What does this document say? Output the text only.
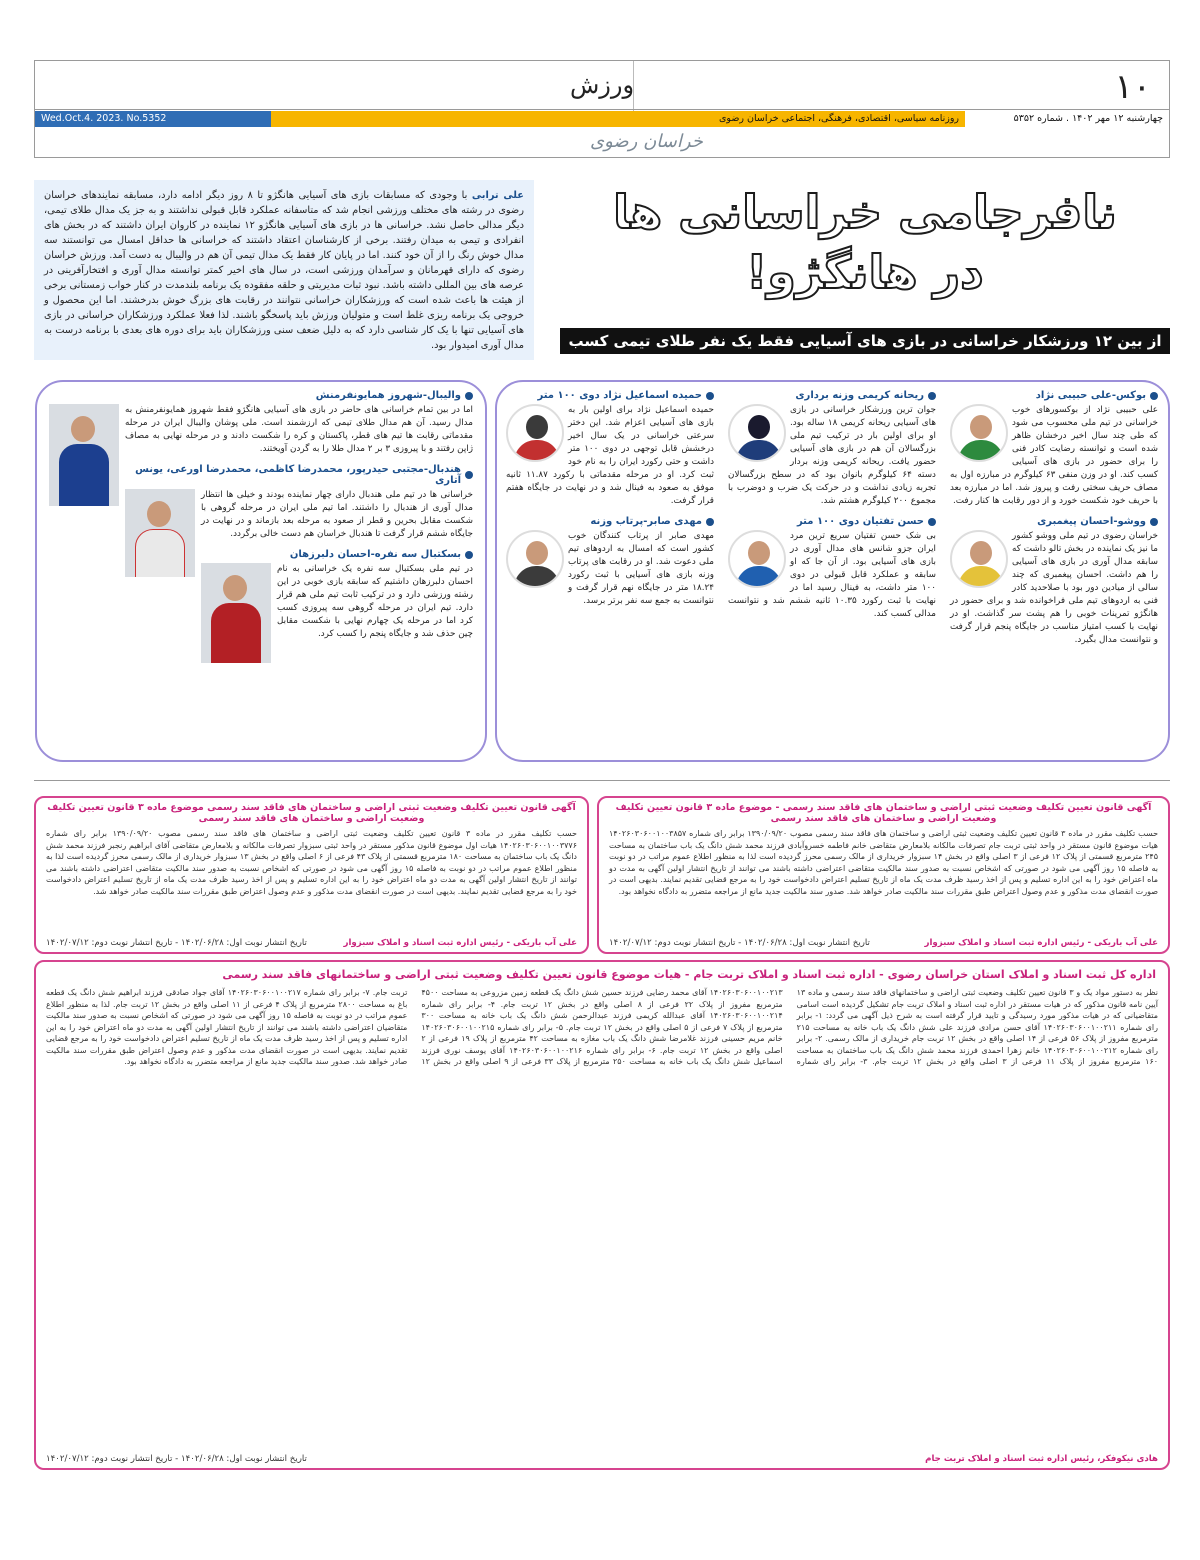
۱۰
ورزش
چهارشنبه ۱۲ مهر ۱۴۰۲ . شماره ۵۳۵۲
روزنامه سیاسی، اقتصادی، فرهنگی، اجتماعی خراسان رضوی
Wed.Oct.4. 2023. No.5352
خراسان رضوی
نافرجامی خراسانی ها
در هانگژو!
از بین ۱۲ ورزشکار خراسانی در بازی های آسیایی فقط یک نفر طلای تیمی کسب کرد
علی ترابی با وجودی که مسابقات بازی های آسیایی هانگژو تا ۸ روز دیگر ادامه دارد، مسابقه نمایندهای خراسان رضوی در رشته های مختلف ورزشی انجام شد که متاسفانه عملکرد قابل قبولی نداشتند و به جز یک مدال طلای تیمی، دیگر مدالی حاصل نشد. خراسانی ها در بازی های آسیایی هانگژو ۱۲ نماینده در کاروان ایران داشتند که در بخش های انفرادی و تیمی به میدان رفتند. برخی از کارشناسان اعتقاد داشتند که خراسانی ها حداقل امسال می توانستند سه مدال خوش رنگ را از آن خود کنند. اما در پایان کار فقط یک مدال تیمی آن هم در والیبال به دست آمد. ورزش خراسان رضوی که دارای قهرمانان و سرآمدان ورزشی است، در سال های اخیر کمتر توانسته مدال آوری و افتخارآفرینی در عرصه های بین المللی داشته باشد. نبود ثبات مدیریتی و حلقه مفقوده یک برنامه بلندمدت در کنار خواب زمستانی برخی از هیئت ها باعث شده است که ورزشکاران خراسانی نتوانند در رقابت های بزرگ خوش بدرخشند. اما این محصول و خروجی یک برنامه ریزی غلط است و متولیان ورزش باید پاسخگو باشند. لذا فعلا عملکرد ورزشکاران خراسانی در بازی های آسیایی تنها با یک کار شناسی دارد که به دلیل ضعف سنی ورزشکاران باید برای دوره های بعدی با برنامه درست به مدال آوری امیدوار بود.
بوکس-علی حبیبی نژاد
علی حبیبی نژاد از بوکسورهای خوب خراسانی در تیم ملی محسوب می شود که طی چند سال اخیر درخشان ظاهر شده است و توانسته رضایت کادر فنی را برای حضور در بازی های آسیایی کسب کند. او در وزن منفی ۶۳ کیلوگرم در مبارزه اول به مصاف حریف سختی رفت و پیروز شد. اما در مبارزه بعد با حریف خود شکست خورد و از دور رقابت ها کنار رفت.
ووشو-احسان پیغمبری
خراسان رضوی در تیم ملی ووشو کشور ما نیز یک نماینده در بخش تالو داشت که سابقه مدال آوری در بازی های آسیایی را هم داشت. احسان پیغمبری که چند سالی از میادین دور بود با صلاحدید کادر فنی به اردوهای تیم ملی فراخوانده شد و برای حضور در هانگژو تمرینات خوبی را هم پشت سر گذاشت. او در نهایت با کسب امتیاز مناسب در جایگاه پنجم قرار گرفت و نتوانست مدال بگیرد.
ریحانه کریمی وزنه برداری
جوان ترین ورزشکار خراسانی در بازی های آسیایی ریحانه کریمی ۱۸ ساله بود. او برای اولین بار در ترکیب تیم ملی بزرگسالان آن هم در بازی های آسیایی حضور یافت. ریحانه کریمی وزنه بردار دسته ۶۴ کیلوگرم بانوان بود که در سطح بزرگسالان تجربه زیادی نداشت و در حرکت یک ضرب و دوضرب با مجموع ۲۰۰ کیلوگرم هشتم شد.
حسن تفتیان دوی ۱۰۰ متر
بی شک حسن تفتیان سریع ترین مرد ایران جزو شانس های مدال آوری در بازی های آسیایی بود. از آن جا که او سابقه و عملکرد قابل قبولی در دوی ۱۰۰ متر داشت، به فینال رسید اما در نهایت با ثبت رکورد ۱۰.۳۵ ثانیه ششم شد و نتوانست مدالی کسب کند.
حمیده اسماعیل نژاد دوی ۱۰۰ متر
حمیده اسماعیل نژاد برای اولین بار به بازی های آسیایی اعزام شد. این دختر سرعتی خراسانی در یک سال اخیر درخشش قابل توجهی در دوی ۱۰۰ متر داشت و حتی رکورد ایران را به نام خود ثبت کرد. او در مرحله مقدماتی با رکورد ۱۱.۸۷ ثانیه موفق به صعود به فینال شد و در نهایت در جایگاه هفتم قرار گرفت.
مهدی صابر-پرتاب وزنه
مهدی صابر از پرتاب کنندگان خوب کشور است که امسال به اردوهای تیم ملی دعوت شد. او در رقابت های پرتاب وزنه بازی های آسیایی با ثبت رکورد ۱۸.۲۴ متر در جایگاه نهم قرار گرفت و نتوانست به جمع سه نفر برتر برسد.
والیبال-شهروز همایونفرمنش
اما در بین تمام خراسانی های حاضر در بازی های آسیایی هانگژو فقط شهروز همایونفرمنش به مدال رسید. آن هم مدال طلای تیمی که ارزشمند است. ملی پوشان والیبال ایران در مرحله مقدماتی رقابت ها تیم های قطر، پاکستان و کره را شکست دادند و در مرحله نهایی به مصاف ژاپن رفتند و با پیروزی ۳ بر ۲ مدال طلا را به گردن آویختند.
هندبال-مجتبی حیدرپور، محمدرضا کاظمی، محمدرضا اورعی، یونس آتاری
خراسانی ها در تیم ملی هندبال دارای چهار نماینده بودند و خیلی ها انتظار مدال آوری از هندبال را داشتند. اما تیم ملی ایران در مرحله گروهی با شکست مقابل بحرین و قطر از صعود به مرحله بعد بازماند و در نهایت در جایگاه ششم قرار گرفت تا هندبال خراسان هم دست خالی برگردد.
بسکتبال سه نفره-احسان دلبرزهان
در تیم ملی بسکتبال سه نفره یک خراسانی به نام احسان دلبرزهان داشتیم که سابقه بازی خوبی در این رشته ورزشی دارد و در ترکیب ثابت تیم ملی هم قرار دارد. تیم ایران در مرحله گروهی سه پیروزی کسب کرد اما در مرحله یک چهارم نهایی با شکست مقابل چین حذف شد و جایگاه پنجم را کسب کرد.
آگهی قانون تعیین تکلیف وضعیت ثبتی اراضی و ساختمان های فاقد سند رسمی - موضوع ماده ۳ قانون تعیین تکلیف وضعیت اراضی و ساختمان های فاقد سند رسمی
حسب تکلیف مقرر در ماده ۳ قانون تعیین تکلیف وضعیت ثبتی اراضی و ساختمان های فاقد سند رسمی مصوب ۱۳۹۰/۰۹/۲۰ برابر رای شماره ۱۴۰۲۶۰۳۰۶۰۰۱۰۰۳۸۵۷ هیات موضوع قانون مستقر در واحد ثبتی تربت جام تصرفات مالکانه بلامعارض متقاضی خانم فاطمه خسروآبادی فرزند محمد شش دانگ یک باب ساختمان به مساحت ۲۴۵ مترمربع قسمتی از پلاک ۱۲ فرعی از ۳ اصلی واقع در بخش ۱۴ سبزوار خریداری از مالک رسمی محرز گردیده است لذا به منظور اطلاع عموم مراتب در دو نوبت به فاصله ۱۵ روز آگهی می شود در صورتی که اشخاص نسبت به صدور سند مالکیت متقاضی اعتراضی داشته باشند می توانند از تاریخ انتشار اولین آگهی به مدت دو ماه اعتراض خود را به این اداره تسلیم و پس از اخذ رسید ظرف مدت یک ماه از تاریخ تسلیم اعتراض دادخواست خود را به مرجع قضایی تقدیم نمایند. بدیهی است در صورت انقضای مدت مذکور و عدم وصول اعتراض طبق مقررات سند مالکیت صادر خواهد شد. صدور سند مالکیت جدید مانع از مراجعه متضرر به دادگاه نخواهد بود.
علی آب باریکی - رئیس اداره ثبت اسناد و املاک سبزوار
تاریخ انتشار نوبت اول: ۱۴۰۲/۰۶/۲۸ - تاریخ انتشار نوبت دوم: ۱۴۰۲/۰۷/۱۲
آگهی قانون تعیین تکلیف وضعیت ثبتی اراضی و ساختمان های فاقد سند رسمی موضوع ماده ۳ قانون تعیین تکلیف وضعیت اراضی و ساختمان های فاقد سند رسمی
حسب تکلیف مقرر در ماده ۳ قانون تعیین تکلیف وضعیت ثبتی اراضی و ساختمان های فاقد سند رسمی مصوب ۱۳۹۰/۰۹/۲۰ برابر رای شماره ۱۴۰۲۶۰۳۰۶۰۰۱۰۰۳۷۷۶ هیات اول موضوع قانون مذکور مستقر در واحد ثبتی سبزوار تصرفات مالکانه و بلامعارض متقاضی آقای ابراهیم رنجبر فرزند محمد شش دانگ یک باب ساختمان به مساحت ۱۸۰ مترمربع قسمتی از پلاک ۴۳ فرعی از ۶ اصلی واقع در بخش ۱۳ سبزوار خریداری از مالک رسمی محرز گردیده است لذا به منظور اطلاع عموم مراتب در دو نوبت به فاصله ۱۵ روز آگهی می شود در صورتی که اشخاص نسبت به صدور سند مالکیت متقاضی اعتراضی داشته باشند می توانند از تاریخ انتشار اولین آگهی به مدت دو ماه اعتراض خود را به این اداره تسلیم و پس از اخذ رسید ظرف مدت یک ماه از تاریخ تسلیم اعتراض دادخواست خود را به مرجع قضایی تقدیم نمایند. بدیهی است در صورت انقضای مدت مذکور و عدم وصول اعتراض طبق مقررات سند مالکیت صادر خواهد شد.
علی آب باریکی - رئیس اداره ثبت اسناد و املاک سبزوار
تاریخ انتشار نوبت اول: ۱۴۰۲/۰۶/۲۸ - تاریخ انتشار نوبت دوم: ۱۴۰۲/۰۷/۱۲
اداره کل ثبت اسناد و املاک استان خراسان رضوی - اداره ثبت اسناد و املاک تربت جام - هیات موضوع قانون تعیین تکلیف وضعیت ثبتی اراضی و ساختمانهای فاقد سند رسمی
نظر به دستور مواد یک و ۳ قانون تعیین تکلیف وضعیت ثبتی اراضی و ساختمانهای فاقد سند رسمی و ماده ۱۳ آیین نامه قانون مذکور که در هیات مستقر در اداره ثبت اسناد و املاک تربت جام تشکیل گردیده است اسامی متقاضیانی که در هیات مذکور مورد رسیدگی و تایید قرار گرفته است به شرح ذیل آگهی می گردد: ۱- برابر رای شماره ۱۴۰۲۶۰۳۰۶۰۰۱۰۰۲۱۱ آقای حسن مرادی فرزند علی شش دانگ یک باب خانه به مساحت ۲۱۵ مترمربع مفروز از پلاک ۵۶ فرعی از ۱۴ اصلی واقع در بخش ۱۲ تربت جام خریداری از مالک رسمی. ۲- برابر رای شماره ۱۴۰۲۶۰۳۰۶۰۰۱۰۰۲۱۲ خانم زهرا احمدی فرزند محمد شش دانگ یک باب ساختمان به مساحت ۱۶۰ مترمربع مفروز از پلاک ۱۱ فرعی از ۳ اصلی واقع در بخش ۱۲ تربت جام. ۳- برابر رای شماره ۱۴۰۲۶۰۳۰۶۰۰۱۰۰۲۱۳ آقای محمد رضایی فرزند حسین شش دانگ یک قطعه زمین مزروعی به مساحت ۴۵۰۰ مترمربع مفروز از پلاک ۲۲ فرعی از ۸ اصلی واقع در بخش ۱۲ تربت جام. ۴- برابر رای شماره ۱۴۰۲۶۰۳۰۶۰۰۱۰۰۲۱۴ آقای عبدالله کریمی فرزند عبدالرحمن شش دانگ یک باب خانه به مساحت ۳۰۰ مترمربع از پلاک ۷ فرعی از ۵ اصلی واقع در بخش ۱۲ تربت جام. ۵- برابر رای شماره ۱۴۰۲۶۰۳۰۶۰۰۱۰۰۲۱۵ خانم مریم حسینی فرزند غلامرضا شش دانگ یک باب مغازه به مساحت ۴۲ مترمربع از پلاک ۱۹ فرعی از ۲ اصلی واقع در بخش ۱۲ تربت جام. ۶- برابر رای شماره ۱۴۰۲۶۰۳۰۶۰۰۱۰۰۲۱۶ آقای یوسف نوری فرزند اسماعیل شش دانگ یک باب خانه به مساحت ۲۵۰ مترمربع از پلاک ۳۳ فرعی از ۹ اصلی واقع در بخش ۱۲ تربت جام. ۷- برابر رای شماره ۱۴۰۲۶۰۳۰۶۰۰۱۰۰۲۱۷ آقای جواد صادقی فرزند ابراهیم شش دانگ یک قطعه باغ به مساحت ۲۸۰۰ مترمربع از پلاک ۴ فرعی از ۱۱ اصلی واقع در بخش ۱۲ تربت جام. لذا به منظور اطلاع عموم مراتب در دو نوبت به فاصله ۱۵ روز آگهی می شود در صورتی که اشخاص نسبت به صدور سند مالکیت متقاضیان اعتراضی داشته باشند می توانند از تاریخ انتشار اولین آگهی به مدت دو ماه اعتراض خود را به این اداره تسلیم و پس از اخذ رسید ظرف مدت یک ماه از تاریخ تسلیم اعتراض دادخواست خود را به مرجع قضایی تقدیم نمایند. بدیهی است در صورت انقضای مدت مذکور و عدم وصول اعتراض طبق مقررات سند مالکیت صادر خواهد شد. صدور سند مالکیت جدید مانع از مراجعه متضرر به دادگاه نخواهد بود.
هادی نیکوفکر، رئیس اداره ثبت اسناد و املاک تربت جام
تاریخ انتشار نوبت اول: ۱۴۰۲/۰۶/۲۸ - تاریخ انتشار نوبت دوم: ۱۴۰۲/۰۷/۱۲
